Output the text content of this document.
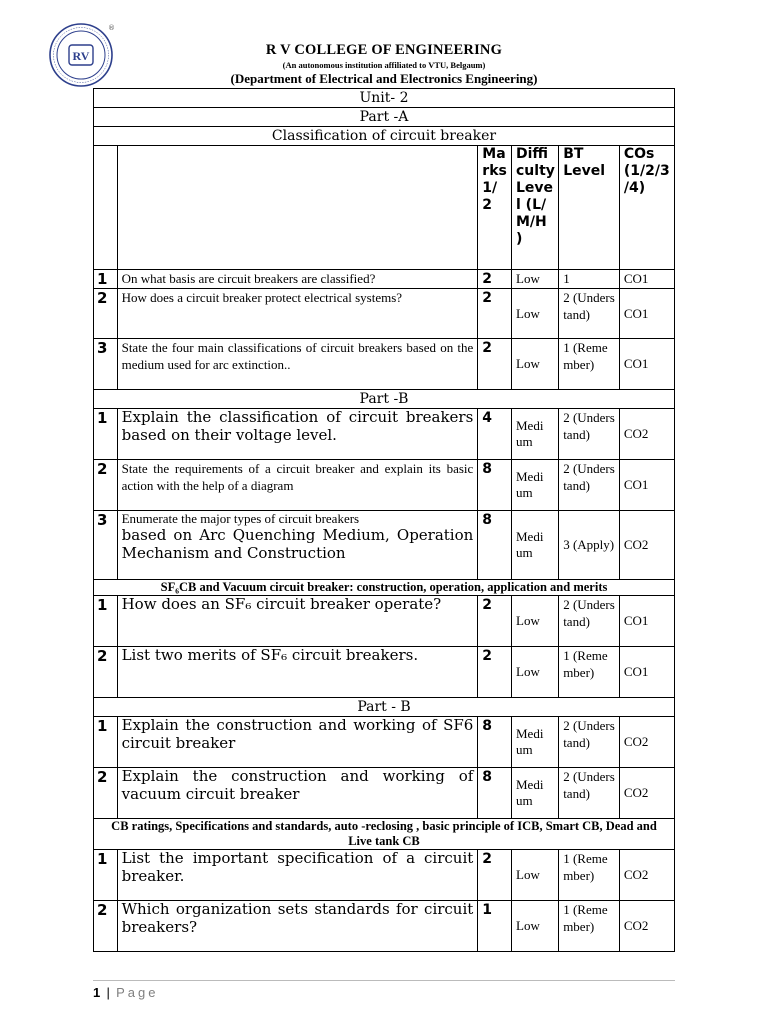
RV
®
R V COLLEGE OF ENGINEERING
(An autonomous institution affiliated to VTU, Belgaum)
(Department of Electrical and Electronics Engineering)
Unit- 2					
Part -A					
Classification of circuit breaker					
		Ma rks 1/ 2	Diffi culty Leve l (L/ M/H )	BT Level	COs (1/2/3 /4)
1	On what basis are circuit breakers are classified?	2	Low	1	CO1
2	How does a circuit breaker protect electrical systems?	2	Low	2 (Unders tand)	CO1
3	State the four main classifications of circuit breakers based on the medium used for arc extinction..	2	Low	1 (Reme mber)	CO1
Part -B					
1	Explain the classification of circuit breakers based on their voltage level.	4	Medi um	2 (Unders tand)	CO2
2	State the requirements of a circuit breaker and explain its basic action with the help of a diagram	8	Medi um	2 (Unders tand)	CO1
3	Enumerate the major types of circuit breakers
based on Arc Quenching Medium, Operation Mechanism and Construction	8	Medi um	3 (Apply)	CO2
SF₆CB and Vacuum circuit breaker: construction, operation, application and merits					
1	How does an SF₆ circuit breaker operate?	2	Low	2 (Unders tand)	CO1
2	List two merits of SF₆ circuit breakers.	2	Low	1 (Reme mber)	CO1
Part - B					
1	Explain the construction and working of SF6 circuit breaker	8	Medi um	2 (Unders tand)	CO2
2	Explain the construction and working of vacuum circuit breaker	8	Medi um	2 (Unders tand)	CO2
CB ratings, Specifications and standards, auto -reclosing , basic principle of ICB, Smart CB, Dead and Live tank CB					
1	List the important specification of a circuit breaker.	2	Low	1 (Reme mber)	CO2
2	Which organization sets standards for circuit breakers?	1	Low	1 (Reme mber)	CO2
1 | Page
